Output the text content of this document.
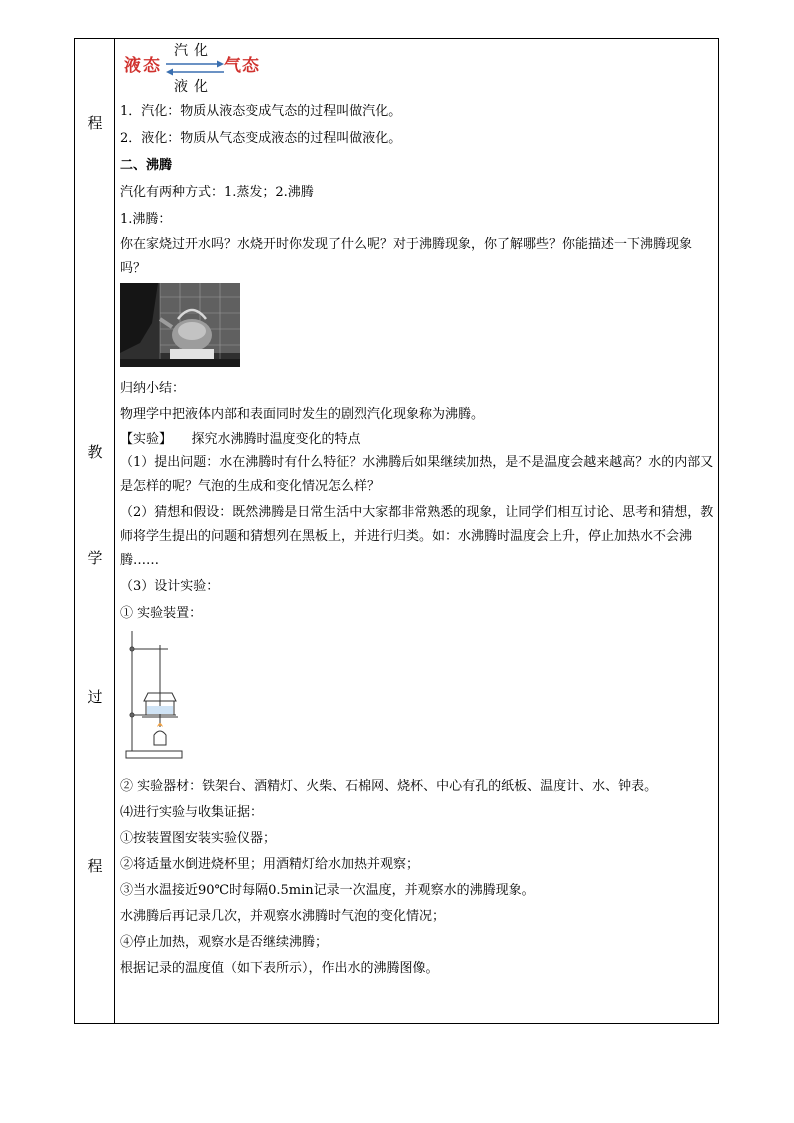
程
教
学
过
程
液态
汽化
气态
液化
1．汽化：物质从液态变成气态的过程叫做汽化。
2．液化：物质从气态变成液态的过程叫做液化。
二、沸腾
汽化有两种方式：1.蒸发；2.沸腾
1.沸腾：
你在家烧过开水吗？水烧开时你发现了什么呢？对于沸腾现象，你了解哪些？你能描述一下沸腾现象吗？
归纳小结：
物理学中把液体内部和表面同时发生的剧烈汽化现象称为沸腾。
【实验】　　探究水沸腾时温度变化的特点
（1）提出问题：水在沸腾时有什么特征？水沸腾后如果继续加热，是不是温度会越来越高？水的内部又是怎样的呢？气泡的生成和变化情况怎么样？
（2）猜想和假设：既然沸腾是日常生活中大家都非常熟悉的现象，让同学们相互讨论、思考和猜想，教师将学生提出的问题和猜想列在黑板上，并进行归类。如：水沸腾时温度会上升，停止加热水不会沸腾……
（3）设计实验：
① 实验装置：
② 实验器材：铁架台、酒精灯、火柴、石棉网、烧杯、中心有孔的纸板、温度计、水、钟表。
⑷进行实验与收集证据：
①按装置图安装实验仪器；
②将适量水倒进烧杯里；用酒精灯给水加热并观察；
③当水温接近90℃时每隔0.5min记录一次温度，并观察水的沸腾现象。
水沸腾后再记录几次，并观察水沸腾时气泡的变化情况；
④停止加热，观察水是否继续沸腾；
根据记录的温度值（如下表所示），作出水的沸腾图像。
